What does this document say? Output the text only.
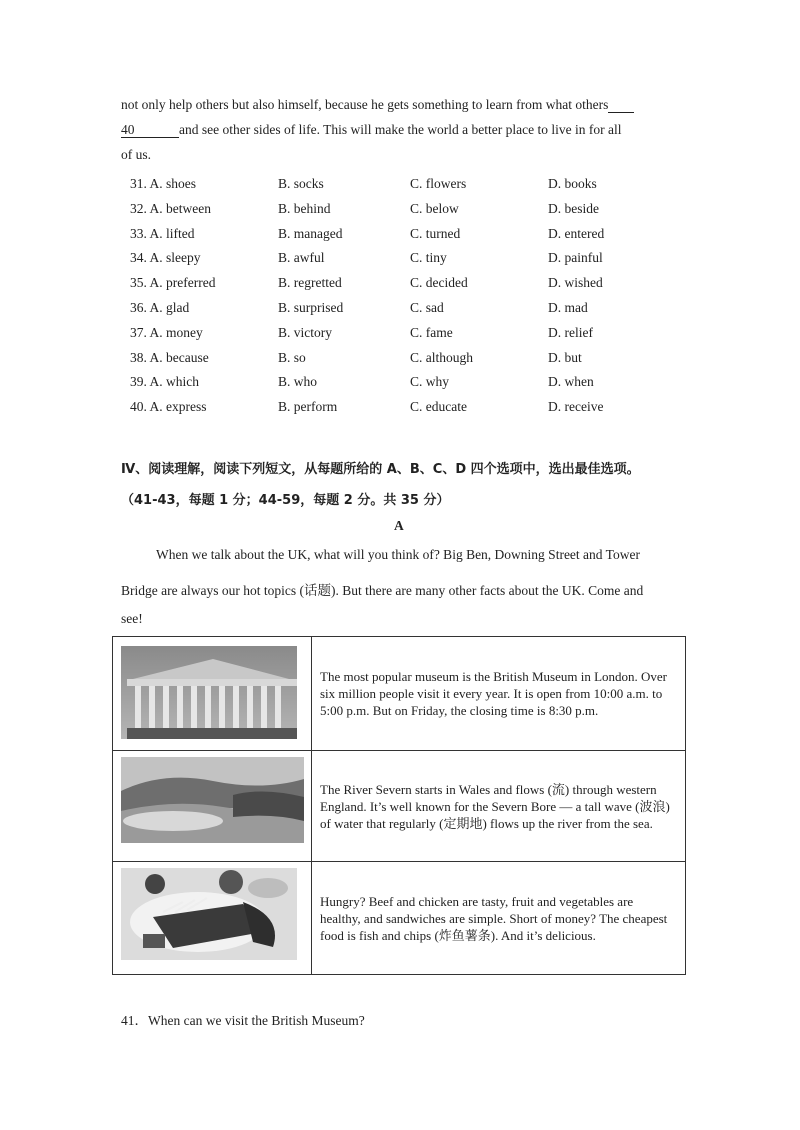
not only help others but also himself, because he gets something to learn from what others
40	and see other sides of life. This will make the world a better place to live in for all
of us.
31. A. shoes	B. socks	C. flowers	D. books
32. A. between	B. behind	C. below	D. beside
33. A. lifted	B. managed	C. turned	D. entered
34. A. sleepy	B. awful	C. tiny	D. painful
35. A. preferred	B. regretted	C. decided	D. wished
36. A. glad	B. surprised	C. sad	D. mad
37. A. money	B. victory	C. fame	D. relief
38. A. because	B. so	C. although	D. but
39. A. which	B. who	C. why	D. when
40. A. express	B. perform	C. educate	D. receive
Ⅳ、阅读理解，阅读下列短文，从每题所给的 A、B、C、D 四个选项中，选出最佳选项。
（41-43，每题 1 分；44-59，每题 2 分。共 35 分）
A
When we talk about the UK, what will you think of? Big Ben, Downing Street and Tower
Bridge are always our hot topics (话题). But there are many other facts about the UK. Come and
see!
	The most popular museum is the British Museum in London. Over six million people visit it every year. It is open from 10:00 a.m. to 5:00 p.m. But on Friday, the closing time is 8:30 p.m.

	The River Severn starts in Wales and flows (流) through western England. It’s well known for the Severn Bore — a tall wave (波浪) of water that regularly (定期地) flows up the river from the sea.

	Hungry? Beef and chicken are tasty, fruit and vegetables are healthy, and sandwiches are simple. Short of money? The cheapest food is fish and chips (炸鱼薯条). And it’s delicious.
41．When can we visit the British Museum?
